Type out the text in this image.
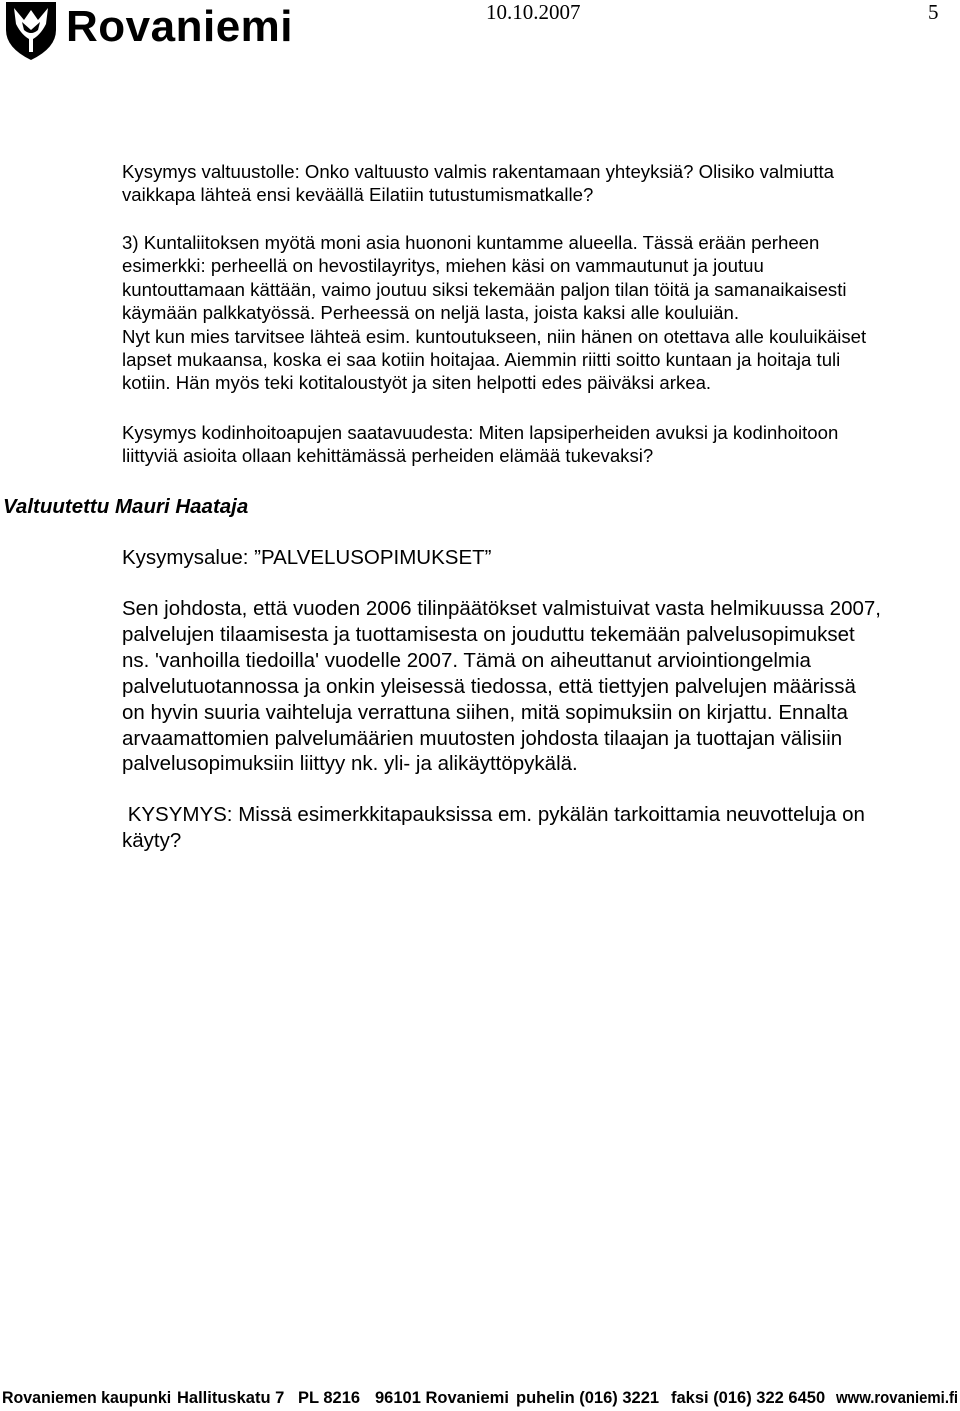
Rovaniemi	10.10.2007	5
Kysymys valtuustolle: Onko valtuusto valmis rakentamaan yhteyksiä? Olisiko valmiutta
vaikkapa lähteä ensi keväällä Eilatiin tutustumismatkalle?
3) Kuntaliitoksen myötä moni asia huononi kuntamme alueella. Tässä erään perheen
esimerkki: perheellä on hevostilayritys, miehen käsi on vammautunut ja joutuu
kuntouttamaan kättään, vaimo joutuu siksi tekemään paljon tilan töitä ja samanaikaisesti
käymään palkkatyössä. Perheessä on neljä lasta, joista kaksi alle kouluiän.
Nyt kun mies tarvitsee lähteä esim. kuntoutukseen, niin hänen on otettava alle kouluikäiset
lapset mukaansa, koska ei saa kotiin hoitajaa. Aiemmin riitti soitto kuntaan ja hoitaja tuli
kotiin. Hän myös teki kotitaloustyöt ja siten helpotti edes päiväksi arkea.
Kysymys kodinhoitoapujen saatavuudesta: Miten lapsiperheiden avuksi ja kodinhoitoon
liittyviä asioita ollaan kehittämässä perheiden elämää tukevaksi?
Valtuutettu Mauri Haataja
Kysymysalue: ”PALVELUSOPIMUKSET”
Sen johdosta, että vuoden 2006 tilinpäätökset valmistuivat vasta helmikuussa 2007,
palvelujen tilaamisesta ja tuottamisesta on jouduttu tekemään palvelusopimukset
ns. 'vanhoilla tiedoilla' vuodelle 2007. Tämä on aiheuttanut arviointiongelmia
palvelutuotannossa ja onkin yleisessä tiedossa, että tiettyjen palvelujen määrissä
on hyvin suuria vaihteluja verrattuna siihen, mitä sopimuksiin on kirjattu. Ennalta
arvaamattomien palvelumäärien muutosten johdosta tilaajan ja tuottajan välisiin
palvelusopimuksiin liittyy nk. yli- ja alikäyttöpykälä.
KYSYMYS: Missä esimerkkitapauksissa em. pykälän tarkoittamia neuvotteluja on
käyty?
Rovaniemen kaupunki Hallituskatu 7 PL 8216 96101 Rovaniemi puhelin (016) 3221 faksi (016) 322 6450 www.rovaniemi.fi
